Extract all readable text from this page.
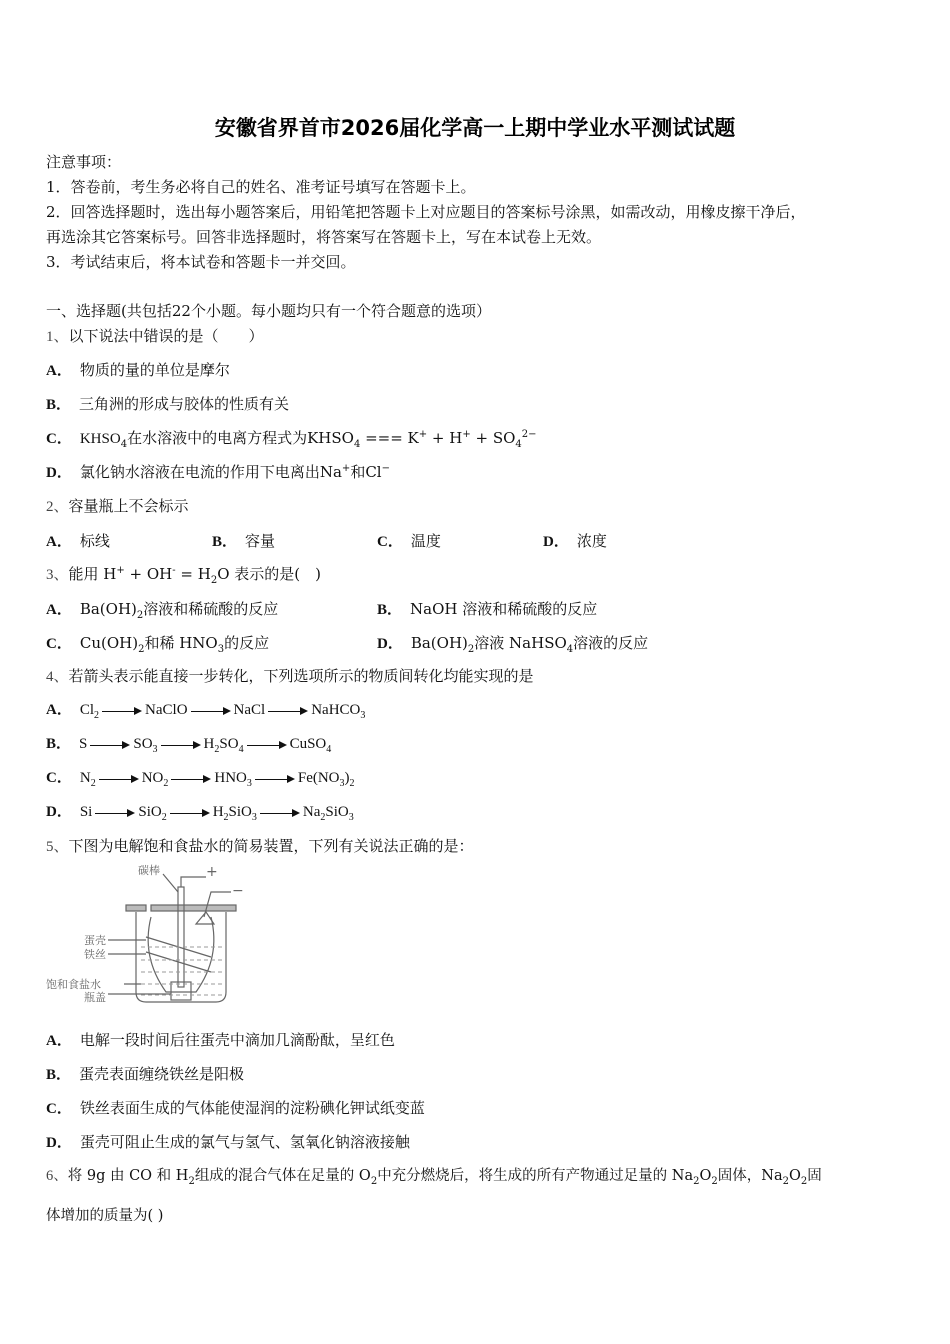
安徽省界首市2026届化学高一上期中学业水平测试试题
注意事项：
1．答卷前，考生务必将自己的姓名、准考证号填写在答题卡上。
2．回答选择题时，选出每小题答案后，用铅笔把答题卡上对应题目的答案标号涂黑，如需改动，用橡皮擦干净后，
再选涂其它答案标号。回答非选择题时，将答案写在答题卡上，写在本试卷上无效。
3．考试结束后，将本试卷和答题卡一并交回。
一、选择题(共包括22个小题。每小题均只有一个符合题意的选项）
1、以下说法中错误的是（　　）
A． 物质的量的单位是摩尔
B． 三角洲的形成与胶体的性质有关
C． $KHSO_4$在水溶液中的电离方程式为$KHSO_4$ === $K^+ + H^+ + SO_4^{2-}$
D． 氯化钠水溶液在电流的作用下电离出Na+和Cl−
2、容量瓶上不会标示
A． 标线	B． 容量	C． 温度	D． 浓度
3、能用 $H^+ + OH^- = H_2O$ 表示的是(　)
A． $Ba(OH)_2$溶液和稀硫酸的反应	B． NaOH 溶液和稀硫酸的反应
C． $Cu(OH)_2$和稀 $HNO_3$的反应	D． $Ba(OH)_2$溶液 NaHSO$_4$溶液的反应
4、若箭头表示能直接一步转化，下列选项所示的物质间转化均能实现的是
A． $Cl_2$	NaClO	NaCl	NaHCO$_3$
B． S	$SO_3$	$H_2SO_4$	CuSO$_4$
C． $N_2$	$NO_2$	$HNO_3$	$Fe(NO_3)_2$
D． Si	SiO$_2$	$H_2SiO_3$	$Na_2SiO_3$
5、下图为电解饱和食盐水的简易装置，下列有关说法正确的是：
碳棒	+
−
蛋壳
铁丝
饱和食盐水
瓶盖
A． 电解一段时间后往蛋壳中滴加几滴酚酞，呈红色
B． 蛋壳表面缠绕铁丝是阳极
C． 铁丝表面生成的气体能使湿润的淀粉碘化钾试纸变蓝
D． 蛋壳可阻止生成的氯气与氢气、氢氧化钠溶液接触
6、将 9g 由 CO 和 $H_2$组成的混合气体在足量的 $O_2$中充分燃烧后，将生成的所有产物通过足量的 $Na_2O_2$固体，$Na_2O_2$固
体增加的质量为( )
